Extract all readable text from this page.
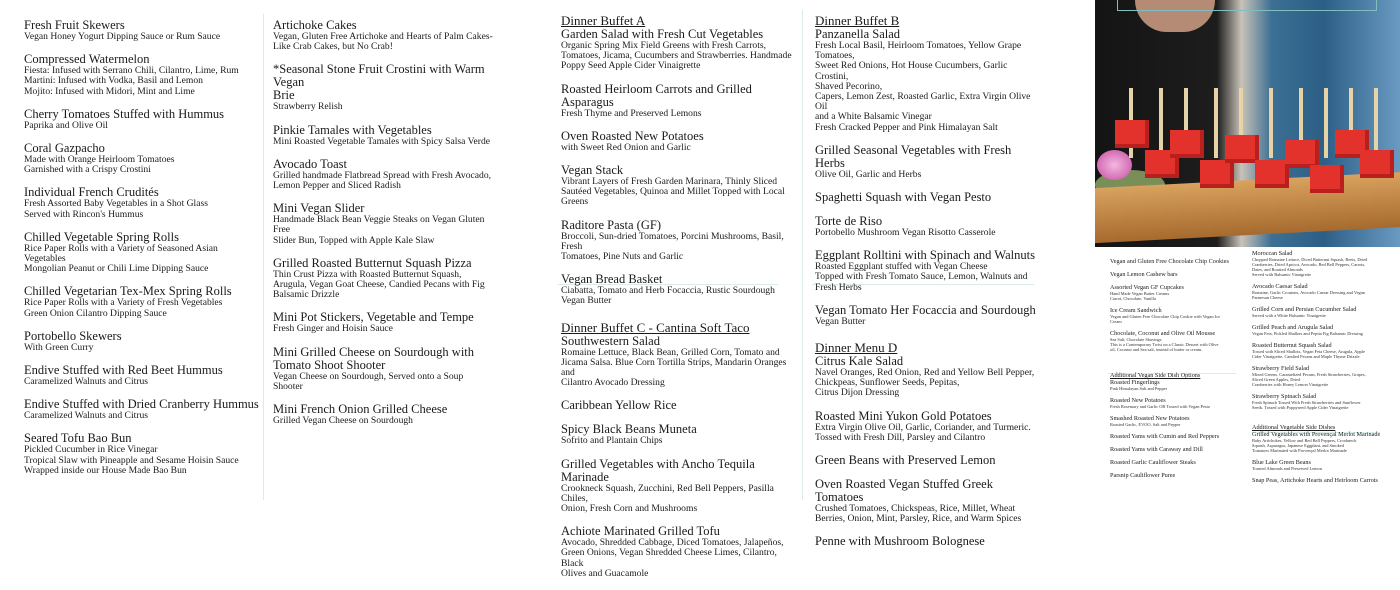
Fresh Fruit Skewers
Vegan Honey Yogurt Dipping Sauce or Rum Sauce
Compressed Watermelon
Fiesta: Infused with Serrano Chili, Cilantro, Lime, Rum
Martini: Infused with Vodka, Basil and Lemon
Mojito: Infused with Midori, Mint and Lime
Cherry Tomatoes Stuffed with Hummus
Paprika and Olive Oil
Coral Gazpacho
Made with Orange Heirloom Tomatoes
Garnished with a Crispy Crostini
Individual French Crudités
Fresh Assorted Baby Vegetables in a Shot Glass
Served with Rincon's Hummus
Chilled Vegetable Spring Rolls
Rice Paper Rolls with a Variety of Seasoned Asian
Vegetables
Mongolian Peanut or Chili Lime Dipping Sauce
Chilled Vegetarian Tex-Mex Spring Rolls
Rice Paper Rolls with a Variety of Fresh Vegetables
Green Onion Cilantro Dipping Sauce
Portobello Skewers
With Green Curry
Endive Stuffed with Red Beet Hummus
Caramelized Walnuts and Citrus
Endive Stuffed with Dried Cranberry Hummus
Caramelized Walnuts and Citrus
Seared Tofu Bao Bun
Pickled Cucumber in Rice Vinegar
Tropical Slaw with Pineapple and Sesame Hoisin Sauce
Wrapped inside our House Made Bao Bun
Artichoke Cakes
Vegan, Gluten Free Artichoke and Hearts of Palm Cakes-
Like Crab Cakes, but No Crab!
*Seasonal Stone Fruit Crostini with Warm Vegan
Brie
Strawberry Relish
Pinkie Tamales with Vegetables
Mini Roasted Vegetable Tamales with Spicy Salsa Verde
Avocado Toast
Grilled handmade Flatbread Spread with Fresh Avocado,
Lemon Pepper and Sliced Radish
Mini Vegan Slider
Handmade Black Bean Veggie Steaks on Vegan Gluten Free
Slider Bun, Topped with Apple Kale Slaw
Grilled Roasted Butternut Squash Pizza
Thin Crust Pizza with Roasted Butternut Squash,
Arugula, Vegan Goat Cheese, Candied Pecans with Fig
Balsamic Drizzle
Mini Pot Stickers, Vegetable and Tempe
Fresh Ginger and Hoisin Sauce
Mini Grilled Cheese on Sourdough with
Tomato Shoot Shooter
Vegan Cheese on Sourdough, Served onto a Soup
Shooter
Mini French Onion Grilled Cheese
Grilled Vegan Cheese on Sourdough
Dinner Buffet A
Garden Salad with Fresh Cut Vegetables
Organic Spring Mix Field Greens with Fresh Carrots,
Tomatoes, Jicama, Cucumbers and Strawberries. Handmade
Poppy Seed Apple Cider Vinaigrette
Roasted Heirloom Carrots and Grilled Asparagus
Fresh Thyme and Preserved Lemons
Oven Roasted New Potatoes
with Sweet Red Onion and Garlic
Vegan Stack
Vibrant Layers of Fresh Garden Marinara, Thinly Sliced
Sautéed Vegetables, Quinoa and Millet Topped with Local
Greens
Raditore Pasta (GF)
Broccoli, Sun-dried Tomatoes, Porcini Mushrooms, Basil, Fresh
Tomatoes, Pine Nuts and Garlic
Vegan Bread Basket
Ciabatta, Tomato and Herb Focaccia, Rustic Sourdough
Vegan Butter
Dinner Buffet C - Cantina Soft Taco
Southwestern Salad
Romaine Lettuce, Black Bean, Grilled Corn, Tomato and
Jicama Salsa. Blue Corn Tortilla Strips, Mandarin Oranges and
Cilantro Avocado Dressing
Caribbean Yellow Rice
Spicy Black Beans Muneta
Sofrito and Plantain Chips
Grilled Vegetables with Ancho Tequila Marinade
Crookneck Squash, Zucchini, Red Bell Peppers, Pasilla Chiles,
Onion, Fresh Corn and Mushrooms
Achiote Marinated Grilled Tofu
Avocado, Shredded Cabbage, Diced Tomatoes, Jalapeños,
Green Onions, Vegan Shredded Cheese Limes, Cilantro, Black
Olives and Guacamole
Dinner Buffet B
Panzanella Salad
Fresh Local Basil, Heirloom Tomatoes, Yellow Grape
Tomatoes,
Sweet Red Onions, Hot House Cucumbers, Garlic Crostini,
Shaved Pecorino,
Capers, Lemon Zest, Roasted Garlic, Extra Virgin Olive Oil
and a White Balsamic Vinegar
Fresh Cracked Pepper and Pink Himalayan Salt
Grilled Seasonal Vegetables with Fresh Herbs
Olive Oil, Garlic and Herbs
Spaghetti Squash with Vegan Pesto
Torte de Riso
Portobello Mushroom Vegan Risotto Casserole
Eggplant Rolltini with Spinach and Walnuts
Roasted Eggplant stuffed with Vegan Cheese
Topped with Fresh Tomato Sauce, Lemon, Walnuts and
Fresh Herbs
Vegan Tomato Her Focaccia and Sourdough
Vegan Butter
Dinner Menu D
Citrus Kale Salad
Navel Oranges, Red Onion, Red and Yellow Bell Pepper,
Chickpeas, Sunflower Seeds, Pepitas,
Citrus Dijon Dressing
Roasted Mini Yukon Gold Potatoes
Extra Virgin Olive Oil, Garlic, Coriander, and Turmeric.
Tossed with Fresh Dill, Parsley and Cilantro
Green Beans with Preserved Lemon
Oven Roasted Vegan Stuffed Greek Tomatoes
Crushed Tomatoes, Chickspeas, Rice, Millet, Wheat
Berries, Onion, Mint, Parsley, Rice, and Warm Spices
Penne with Mushroom Bolognese
Vegan and Gluten Free Chocolate Chip Cookies
Vegan Lemon Cashew bars
Assorted Vegan GF Cupcakes
Hand Made Vegan Butter Creams
Carrot, Chocolate, Vanilla
Ice Cream Sandwich
Vegan and Gluten Free Chocolate Chip Cookie with Vegan Ice
Cream
Chocolate, Coconut and Olive Oil Mousse
Sea Salt, Chocolate Shavings
This is a Contemporary Twist on a Classic Dessert with Olive
oil, Coconut and Sea salt, instead of butter or cream.
Additional Vegan Side Dish Options
Roasted Fingerlings
Pink Himalayan Salt and Pepper
Roasted New Potatoes
Fresh Rosemary and Garlic OR Tossed with Vegan Pesto
Smashed Roasted New Potatoes
Roasted Garlic, EVOO, Salt and Pepper
Roasted Yams with Cumin and Red Peppers
Roasted Yams with Caraway and Dill
Roasted Garlic Cauliflower Steaks
Parsnip Cauliflower Puree
Moroccan Salad
Chopped Romaine Lettuce, Diced Butternut Squash, Beets, Dried
Cranberries, Dried Apricot, Avocado, Red Bell Peppers, Carrots,
Dates, and Roasted Almonds
Served with Balsamic Vinaigrette
Avocado Caesar Salad
Romaine, Garlic Croutons, Avocado Caesar Dressing and Vegan
Parmesan Cheese
Grilled Corn and Persian Cucumber Salad
Served with a White Balsamic Vinaigrette
Grilled Peach and Arugula Salad
Vegan Feta, Pickled Shallots and Pepita Fig Balsamic Dressing
Roasted Butternut Squash Salad
Tossed with Sliced Shallots, Vegan Feta Cheese, Arugula, Apple
Cider Vinaigrette, Candied Pecans and Maple Thyme Drizzle
Strawberry Field Salad
Mixed Greens, Caramelized Pecans, Fresh Strawberries, Grapes,
Sliced Green Apples, Dried
Cranberries with Honey Lemon Vinaigrette
Strawberry Spinach Salad
Fresh Spinach Tossed With Fresh Strawberries and Sunflower
Seeds. Tossed with Poppyseed Apple Cider Vinaigrette
Additional Vegetable Side Dishes
Grilled Vegetables with Provençal Merlot Marinade
Baby Artichokes, Yellow and Red Bell Peppers, Crookneck
Squash, Asparagus, Japanese Eggplant, and Smoked
Tomatoes Marinated with Provençal Merlot Marinade
Blue Lake Green Beans
Toasted Almonds and Preserved Lemon
Snap Peas, Artichoke Hearts and Heirloom Carrots
